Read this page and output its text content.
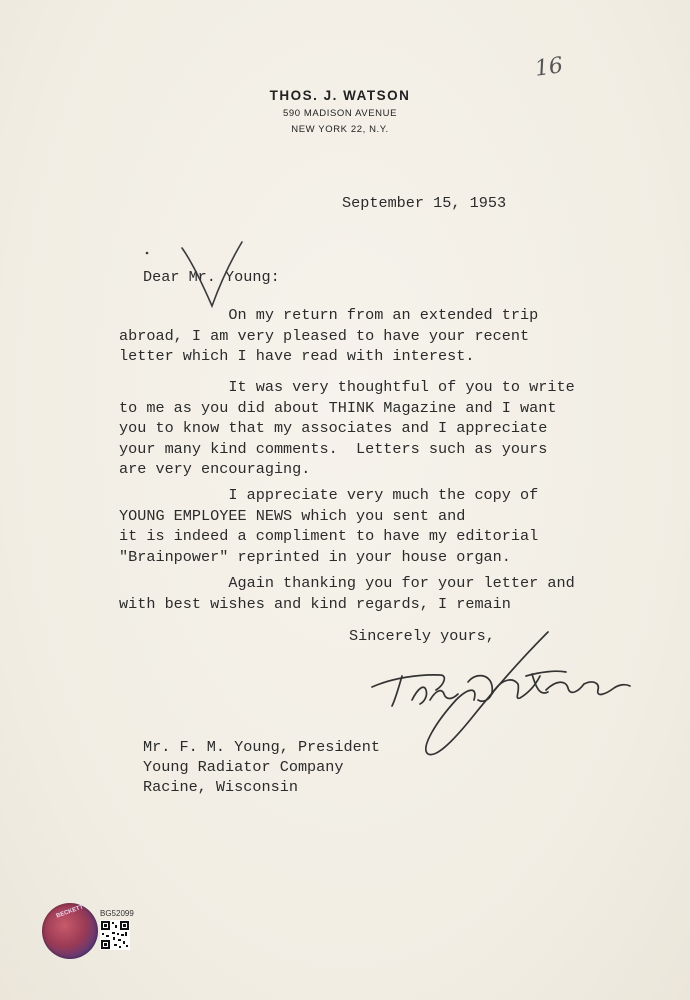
THOS. J. WATSON
590 MADISON AVENUE
NEW YORK 22, N.Y.
16
September 15, 1953
Dear Mr. Young:
On my return from an extended trip
abroad, I am very pleased to have your recent
letter which I have read with interest.
It was very thoughtful of you to write
to me as you did about THINK Magazine and I want
you to know that my associates and I appreciate
your many kind comments.  Letters such as yours
are very encouraging.
I appreciate very much the copy of
YOUNG EMPLOYEE NEWS which you sent and
it is indeed a compliment to have my editorial
"Brainpower" reprinted in your house organ.
Again thanking you for your letter and
with best wishes and kind regards, I remain
Sincerely yours,
Mr. F. M. Young, President
Young Radiator Company
Racine, Wisconsin
BECKETT	BG52099
